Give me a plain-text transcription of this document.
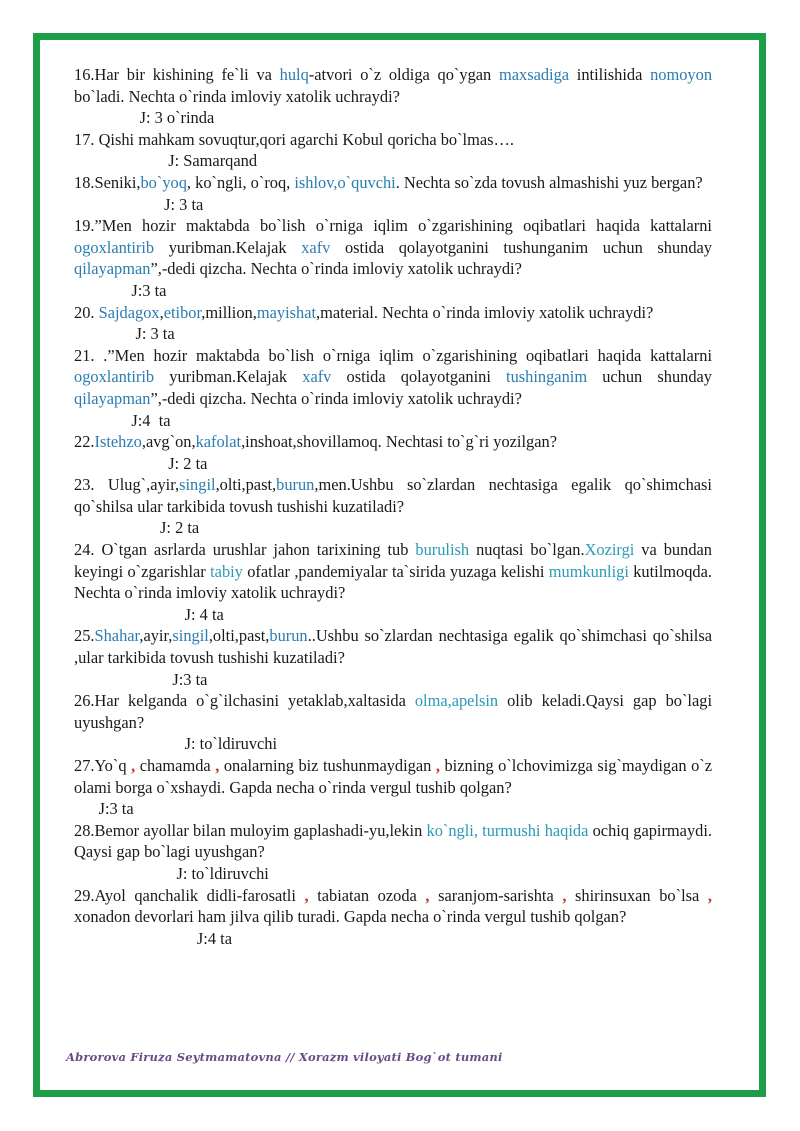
16.Har bir kishining fe`li va hulq-atvori o`z oldiga qo`ygan maxsadiga intilishida nomoyon bo`ladi. Nechta o`rinda imloviy xatolik uchraydi?

J: 3 o`rinda

17. Qishi mahkam sovuqtur,qori agarchi Kobul qoricha bo`lmas….

J: Samarqand

18.Seniki,bo`yoq, ko`ngli, o`roq, ishlov,o`quvchi. Nechta so`zda tovush almashishi yuz bergan?

J: 3 ta

19.”Men hozir maktabda bo`lish o`rniga iqlim o`zgarishining oqibatlari haqida kattalarni ogoxlantirib yuribman.Kelajak xafv ostida qolayotganini tushunganim uchun shunday qilayapman”,-dedi qizcha. Nechta o`rinda imloviy xatolik uchraydi?

J:3 ta

20. Sajdagox,etibor,million,mayishat,material. Nechta o`rinda imloviy xatolik uchraydi?

J: 3 ta

21. .”Men hozir maktabda bo`lish o`rniga iqlim o`zgarishining oqibatlari haqida kattalarni ogoxlantirib yuribman.Kelajak xafv ostida qolayotganini tushinganim uchun shunday qilayapman”,-dedi qizcha. Nechta o`rinda imloviy xatolik uchraydi?

J:4  ta

22.Istehzo,avg`on,kafolat,inshoat,shovillamoq. Nechtasi to`g`ri yozilgan?

J: 2 ta

23. Ulug`,ayir,singil,olti,past,burun,men.Ushbu so`zlardan nechtasiga egalik qo`shimchasi qo`shilsa ular tarkibida tovush tushishi kuzatiladi?

J: 2 ta

24. O`tgan asrlarda urushlar jahon tarixining tub burulish nuqtasi bo`lgan.Xozirgi va bundan keyingi o`zgarishlar tabiy ofatlar ,pandemiyalar ta`sirida yuzaga kelishi mumkunligi kutilmoqda. Nechta o`rinda imloviy xatolik uchraydi?

J: 4 ta

25.Shahar,ayir,singil,olti,past,burun..Ushbu so`zlardan nechtasiga egalik qo`shimchasi qo`shilsa ,ular tarkibida tovush tushishi kuzatiladi?

J:3 ta

26.Har kelganda o`g`ilchasini yetaklab,xaltasida olma,apelsin olib keladi.Qaysi gap bo`lagi uyushgan?

J: to`ldiruvchi

27.Yo`q , chamamda , onalarning biz tushunmaydigan , bizning o`lchovimizga sig`maydigan o`z olami borga o`xshaydi. Gapda necha o`rinda vergul tushib qolgan?

J:3 ta

28.Bemor ayollar bilan muloyim gaplashadi-yu,lekin ko`ngli, turmushi haqida ochiq gapirmaydi. Qaysi gap bo`lagi uyushgan?

J: to`ldiruvchi

29.Ayol qanchalik didli-farosatli , tabiatan ozoda , saranjom-sarishta , shirinsuxan bo`lsa , xonadon devorlari ham jilva qilib turadi. Gapda necha o`rinda vergul tushib qolgan?

J:4 ta
Abrorova Firuza Seytmamatovna // Xorazm viloyati Bog`ot tumani
